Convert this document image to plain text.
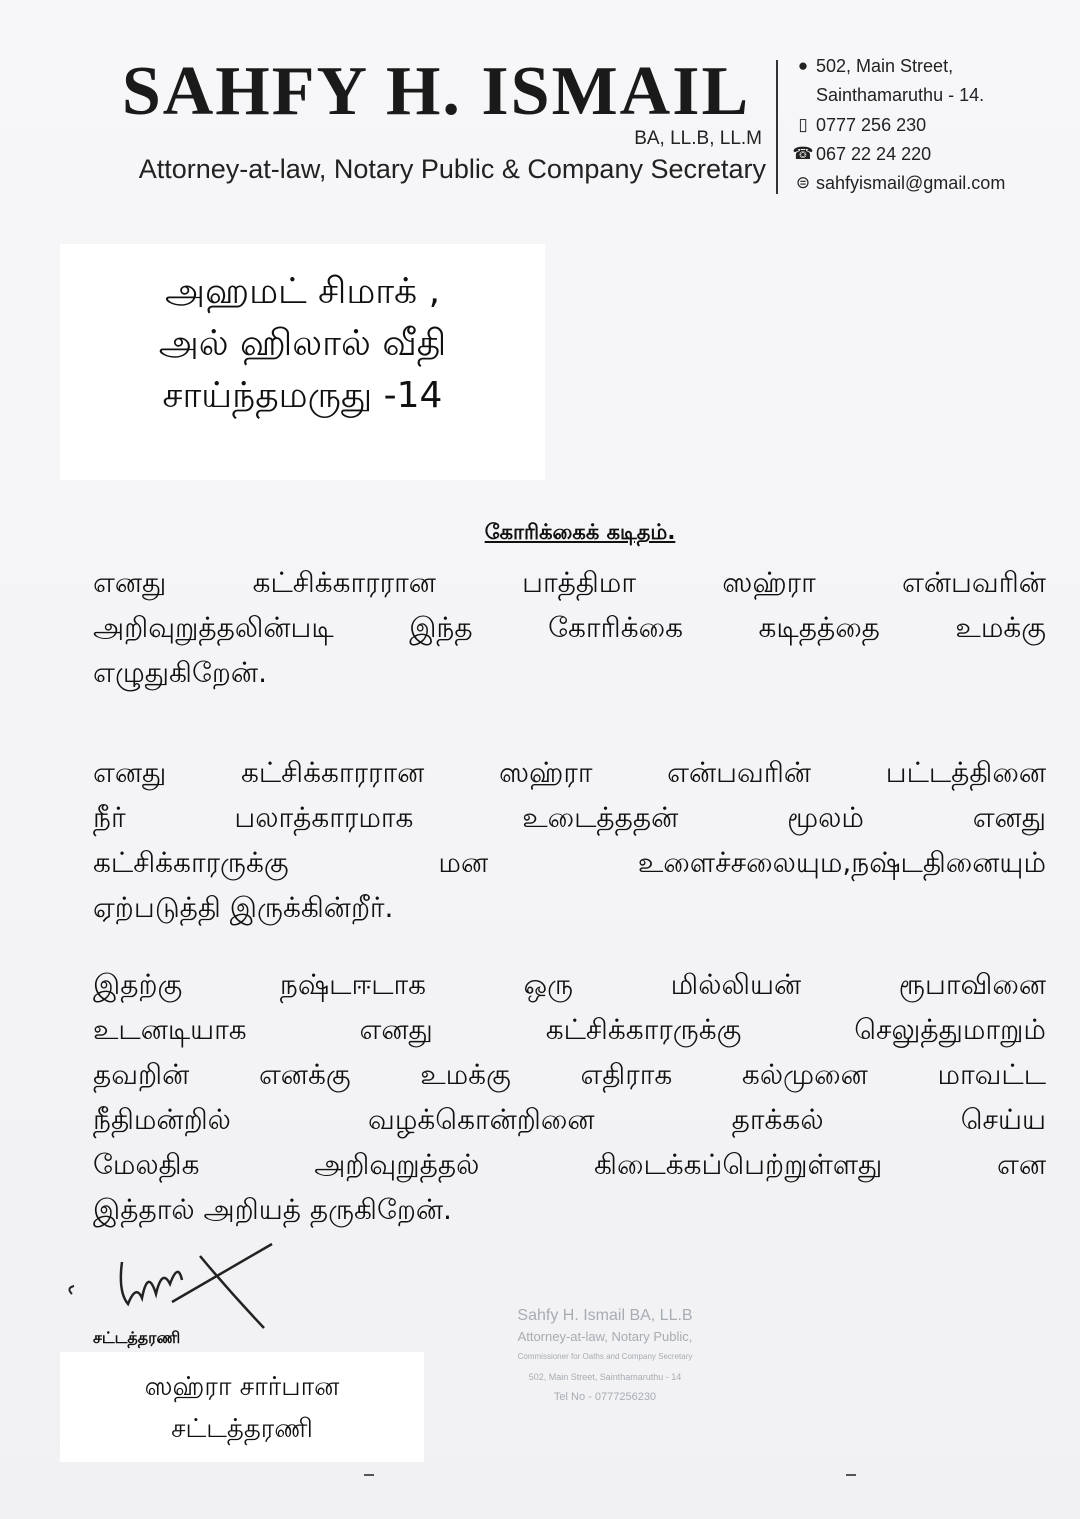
SAHFY H. ISMAIL
BA, LL.B, LL.M
Attorney-at-law, Notary Public & Company Secretary
● 502, Main Street,
Sainthamaruthu - 14.
▯ 0777 256 230
☎ 067 22 24 220
⊜ sahfyismail@gmail.com
அஹமட் சிமாக் ,
அல் ஹிலால் வீதி
சாய்ந்தமருது -14
கோரிக்கைக் கடிதம்.
எனது	கட்சிக்காரரான	பாத்திமா	ஸஹ்ரா	என்பவரின்
அறிவுறுத்தலின்படி	இந்த	கோரிக்கை	கடிதத்தை	உமக்கு
எழுதுகிறேன்.
எனது	கட்சிக்காரரான	ஸஹ்ரா	என்பவரின்	பட்டத்தினை
நீர்	பலாத்காரமாக	உடைத்ததன்	மூலம்	எனது
கட்சிக்காரருக்கு	மன	உளைச்சலையும,நஷ்டதினையும்
ஏற்படுத்தி இருக்கின்றீர்.
இதற்கு	நஷ்டஈடாக	ஒரு	மில்லியன்	ரூபாவினை
உடனடியாக	எனது	கட்சிக்காரருக்கு	செலுத்துமாறும்
தவறின் எனக்கு உமக்கு எதிராக கல்முனை மாவட்ட
நீதிமன்றில்	வழக்கொன்றினை	தாக்கல்	செய்ய
மேலதிக	அறிவுறுத்தல்	கிடைக்கப்பெற்றுள்ளது	என
இத்தால் அறியத் தருகிறேன்.
சட்டத்தரணி
ஸஹ்ரா சார்பான
சட்டத்தரணி
Sahfy H. Ismail BA, LL.B
Attorney-at-law, Notary Public,
Commissioner for Oaths and Company Secretary
502, Main Street, Sainthamaruthu - 14
Tel No - 0777256230
